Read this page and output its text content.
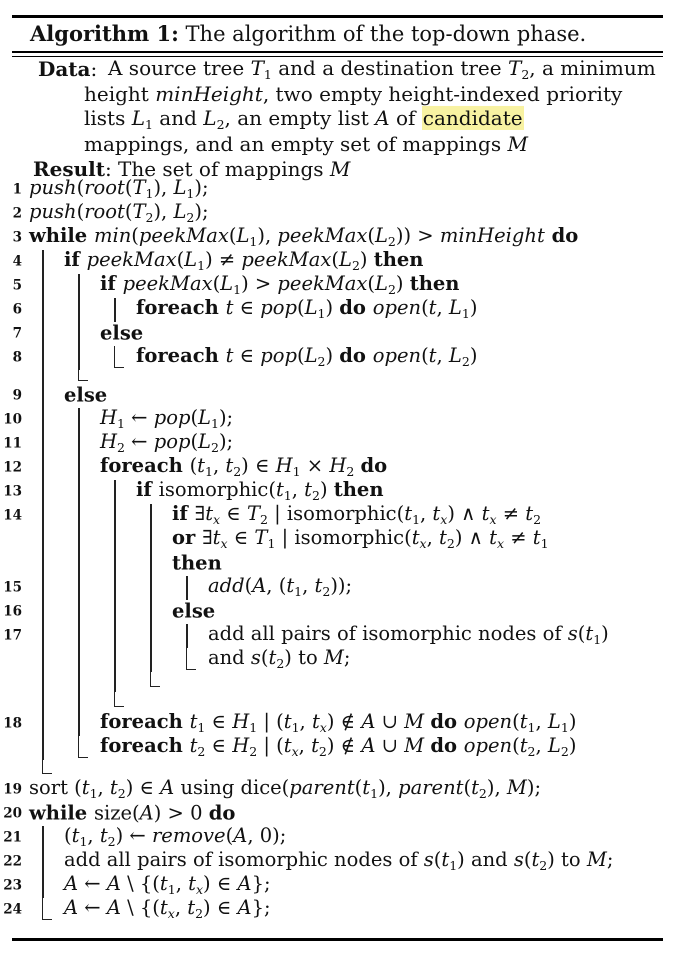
Algorithm 1: The algorithm of the top-down phase.
Data: A source tree $T_1$ and a destination tree $T_2$, a minimum
height minHeight, two empty height-indexed priority
lists $L_1$ and $L_2$, an empty list A of candidate
mappings, and an empty set of mappings M
Result: The set of mappings M
1 $push(root(T_1)$, $L_1$);
2 $push(root(T_2)$, $L_2$);
3 while $\min(peekMax(L_1)$, $peekMax(L_2)$) > minHeight do
4 if $peekMax(L_1)$ ≠ $peekMax(L_2)$ then
5	if $peekMax(L_1)$ > $peekMax(L_2)$ then
6	foreach t ∈ $pop(L_1)$ do open(t, $L_1$)
7	else
8	foreach t ∈ $pop(L_2)$ do open(t, $L_2$)
9 else
10	$H_1$ ← $pop(L_1)$;
11	$H_2$ ← $pop(L_2)$;
12	foreach ($t_1$, $t_2$) ∈ $H_1 \times H_2$ do
13	if $isomorphic(t_1$, $t_2$) then
14	if $\exists t_x$ ∈ $T_2$ | $isomorphic(t_1$, $t_x$) ∧ $t_x \ne t_2$
or $\exists t_x$ ∈ $T_1$ | $isomorphic(t_x$, $t_2$) ∧ $t_x \ne t_1$
then
15	add(A, ($t_1$, $t_2$));
16	else
17	add all pairs of isomorphic nodes of $s(t_1)$
and $s(t_2)$ to M;
18	foreach $t_1$ ∈ $H_1$ | ($t_1$, $t_x$) ∉ A ∪ M do $open(t_1$, $L_1$)
foreach $t_2$ ∈ $H_2$ | ($t_x$, $t_2$) ∉ A ∪ M do $open(t_2$, $L_2$)
19 sort ($t_1$, $t_2$) ∈ A using $dice(parent(t_1)$, $parent(t_2)$, M);
20 while size(A) > 0 do
21 ($t_1$, $t_2$) ← remove(A, 0);
22 add all pairs of isomorphic nodes of $s(t_1)$ and $s(t_2)$ to M;
23 A ← A \ {($t_1$, $t_x$) ∈ A};
24 A ← A \ {($t_x$, $t_2$) ∈ A};
